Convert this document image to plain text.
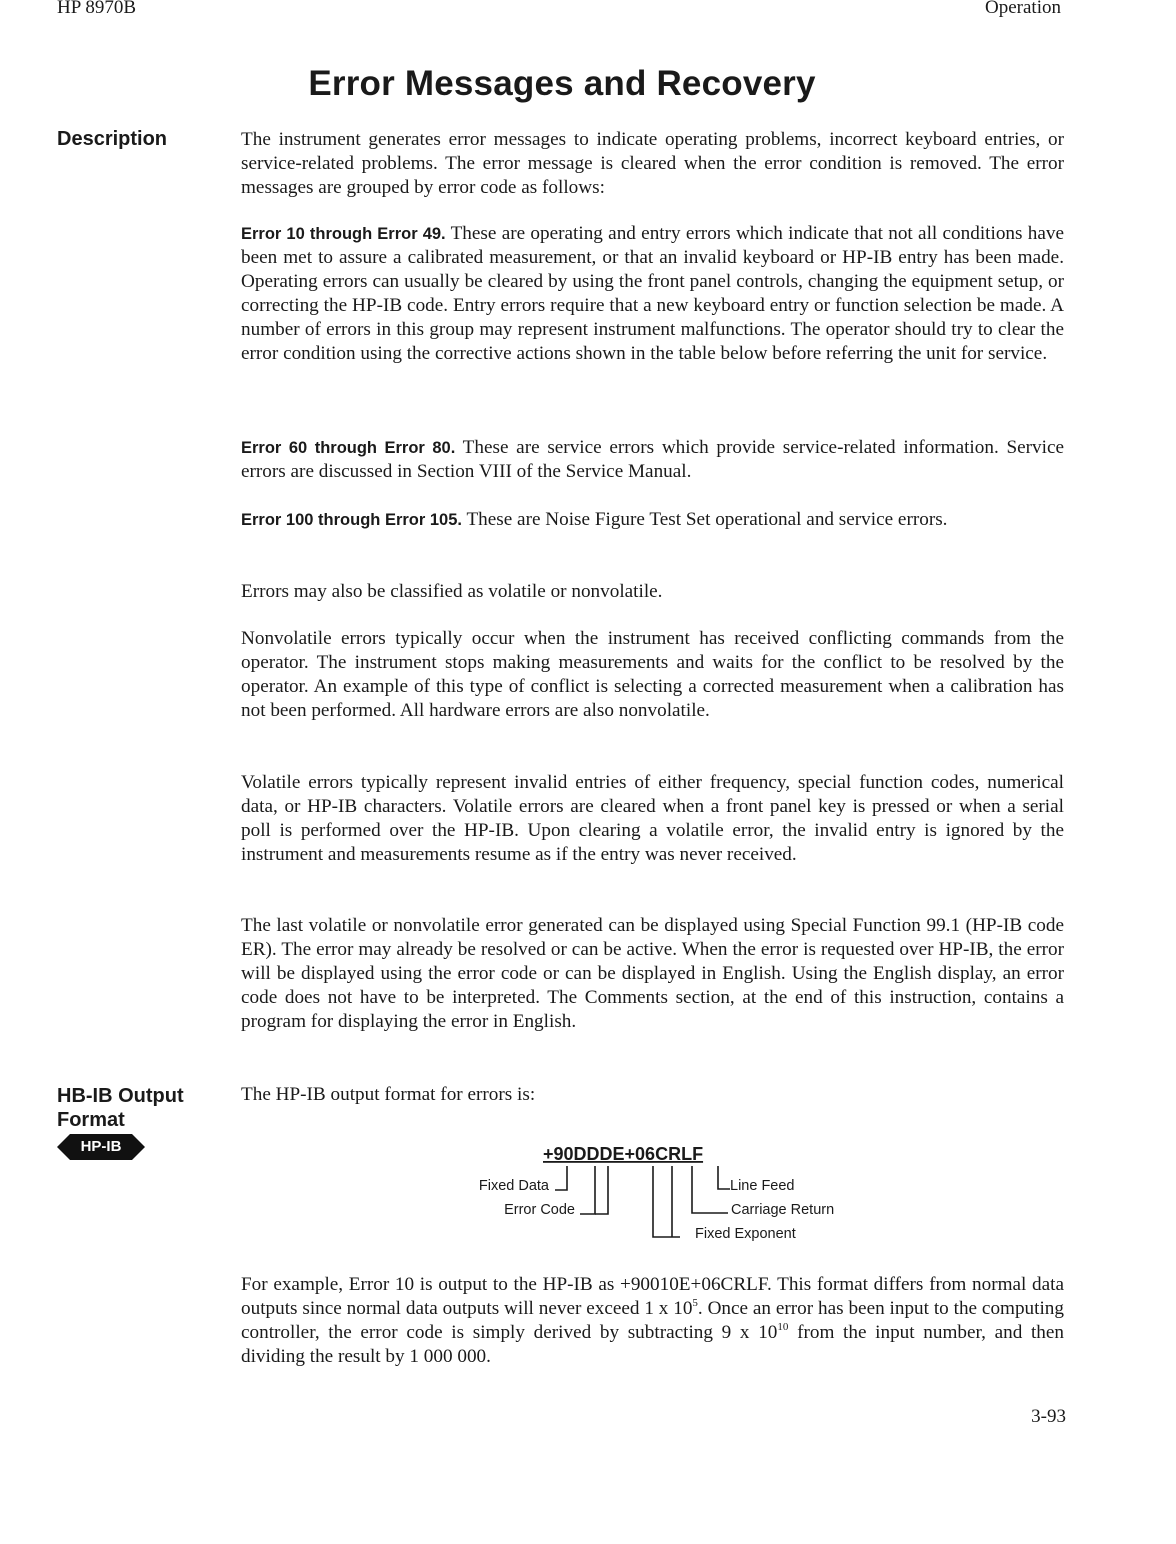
HP 8970B	Operation
Error Messages and Recovery
Description	The instrument generates error messages to indicate operating problems, incorrect keyboard entries, or service-related problems. The error message is cleared when the error condition is removed. The error messages are grouped by error code as follows:

Error 10 through Error 49. These are operating and entry errors which indicate that not all conditions have been met to assure a calibrated measurement, or that an invalid keyboard or HP-IB entry has been made. Operating errors can usually be cleared by using the front panel controls, changing the equipment setup, or correcting the HP-IB code. Entry errors require that a new keyboard entry or function selection be made. A number of errors in this group may represent instrument malfunctions. The operator should try to clear the error condition using the corrective actions shown in the table below before referring the unit for service.

Error 60 through Error 80. These are service errors which provide service-related information. Service errors are discussed in Section VIII of the Service Manual.

Error 100 through Error 105. These are Noise Figure Test Set operational and service errors.

Errors may also be classified as volatile or nonvolatile.

Nonvolatile errors typically occur when the instrument has received conflicting commands from the operator. The instrument stops making measurements and waits for the conflict to be resolved by the operator. An example of this type of conflict is selecting a corrected measurement when a calibration has not been performed. All hardware errors are also nonvolatile.

Volatile errors typically represent invalid entries of either frequency, special function codes, numerical data, or HP-IB characters. Volatile errors are cleared when a front panel key is pressed or when a serial poll is performed over the HP-IB. Upon clearing a volatile error, the invalid entry is ignored by the instrument and measurements resume as if the entry was never received.

The last volatile or nonvolatile error generated can be displayed using Special Function 99.1 (HP-IB code ER). The error may already be resolved or can be active. When the error is requested over HP-IB, the error will be displayed using the error code or can be displayed in English. Using the English display, an error code does not have to be interpreted. The Comments section, at the end of this instruction, contains a program for displaying the error in English.

HB-IB Output
Format
HP-IB

The HP-IB output format for errors is:

+90DDDE+06CRLF
Fixed Data
Error Code
Line Feed
Carriage Return
Fixed Exponent

For example, Error 10 is output to the HP-IB as +90010E+06CRLF. This format differs from normal data outputs since normal data outputs will never exceed 1 x $10^5$. Once an error has been input to the computing controller, the error code is simply derived by subtracting 9 x $10^{10}$ from the input number, and then dividing the result by 1 000 000.

3-93
